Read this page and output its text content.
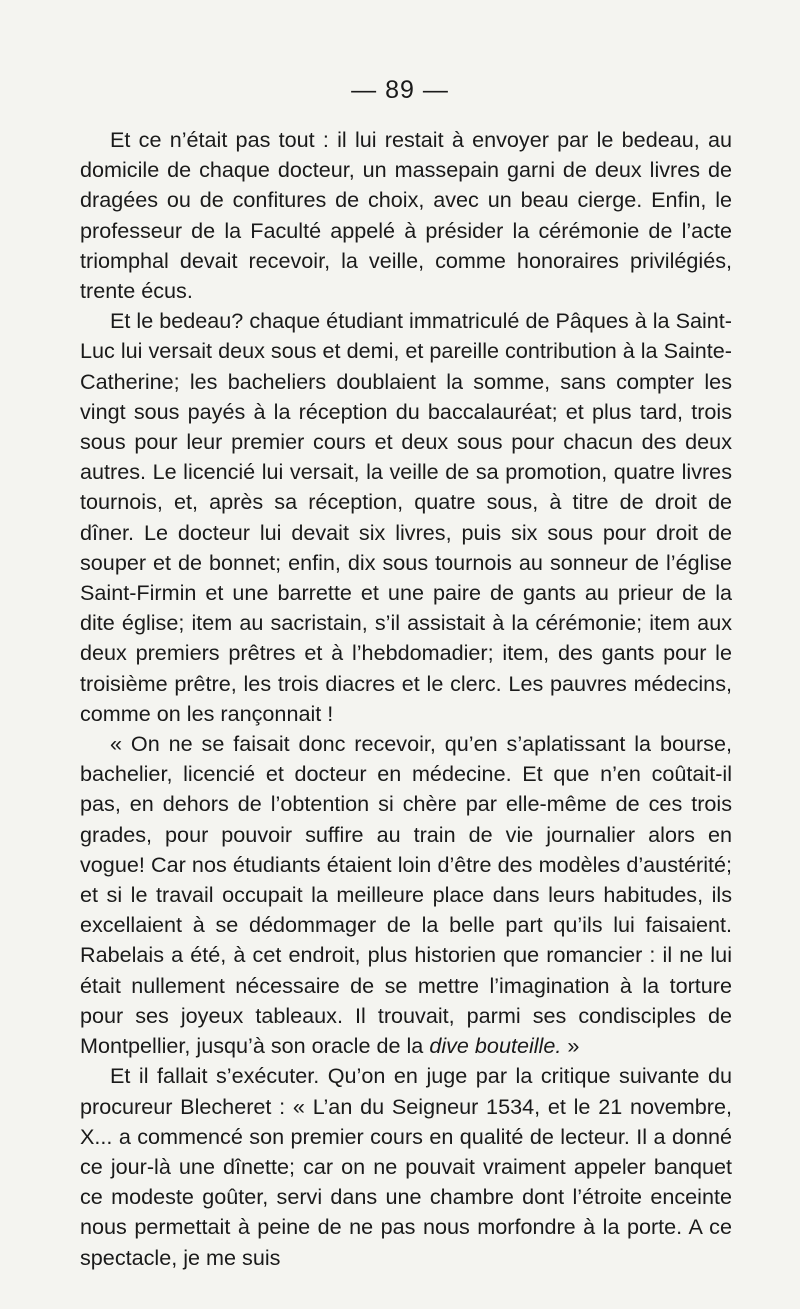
— 89 —

Et ce n’était pas tout : il lui restait à envoyer par le bedeau, au domicile de chaque docteur, un massepain garni de deux livres de dragées ou de confitures de choix, avec un beau cierge. Enfin, le professeur de la Faculté appelé à présider la cérémonie de l’acte triomphal devait recevoir, la veille, comme honoraires privilégiés, trente écus.

Et le bedeau? chaque étudiant immatriculé de Pâques à la Saint-Luc lui versait deux sous et demi, et pareille contribution à la Sainte-Catherine; les bacheliers doublaient la somme, sans compter les vingt sous payés à la réception du baccalauréat; et plus tard, trois sous pour leur premier cours et deux sous pour chacun des deux autres. Le licencié lui versait, la veille de sa promotion, quatre livres tournois, et, après sa réception, quatre sous, à titre de droit de dîner. Le docteur lui devait six livres, puis six sous pour droit de souper et de bonnet; enfin, dix sous tournois au sonneur de l’église Saint-Firmin et une barrette et une paire de gants au prieur de la dite église; item au sacristain, s’il assistait à la cérémonie; item aux deux premiers prêtres et à l’hebdomadier; item, des gants pour le troisième prêtre, les trois diacres et le clerc. Les pauvres médecins, comme on les rançonnait !

« On ne se faisait donc recevoir, qu’en s’aplatissant la bourse, bachelier, licencié et docteur en médecine. Et que n’en coûtait-il pas, en dehors de l’obtention si chère par elle-même de ces trois grades, pour pouvoir suffire au train de vie journalier alors en vogue! Car nos étudiants étaient loin d’être des modèles d’austérité; et si le travail occupait la meilleure place dans leurs habitudes, ils excellaient à se dédommager de la belle part qu’ils lui faisaient. Rabelais a été, à cet endroit, plus historien que romancier : il ne lui était nullement nécessaire de se mettre l’imagination à la torture pour ses joyeux tableaux. Il trouvait, parmi ses condisciples de Montpellier, jusqu’à son oracle de la dive bouteille. »

Et il fallait s’exécuter. Qu’on en juge par la critique suivante du procureur Blecheret : « L’an du Seigneur 1534, et le 21 novembre, X... a commencé son premier cours en qualité de lecteur. Il a donné ce jour-là une dînette; car on ne pouvait vraiment appeler banquet ce modeste goûter, servi dans une chambre dont l’étroite enceinte nous permettait à peine de ne pas nous morfondre à la porte. A ce spectacle, je me suis
